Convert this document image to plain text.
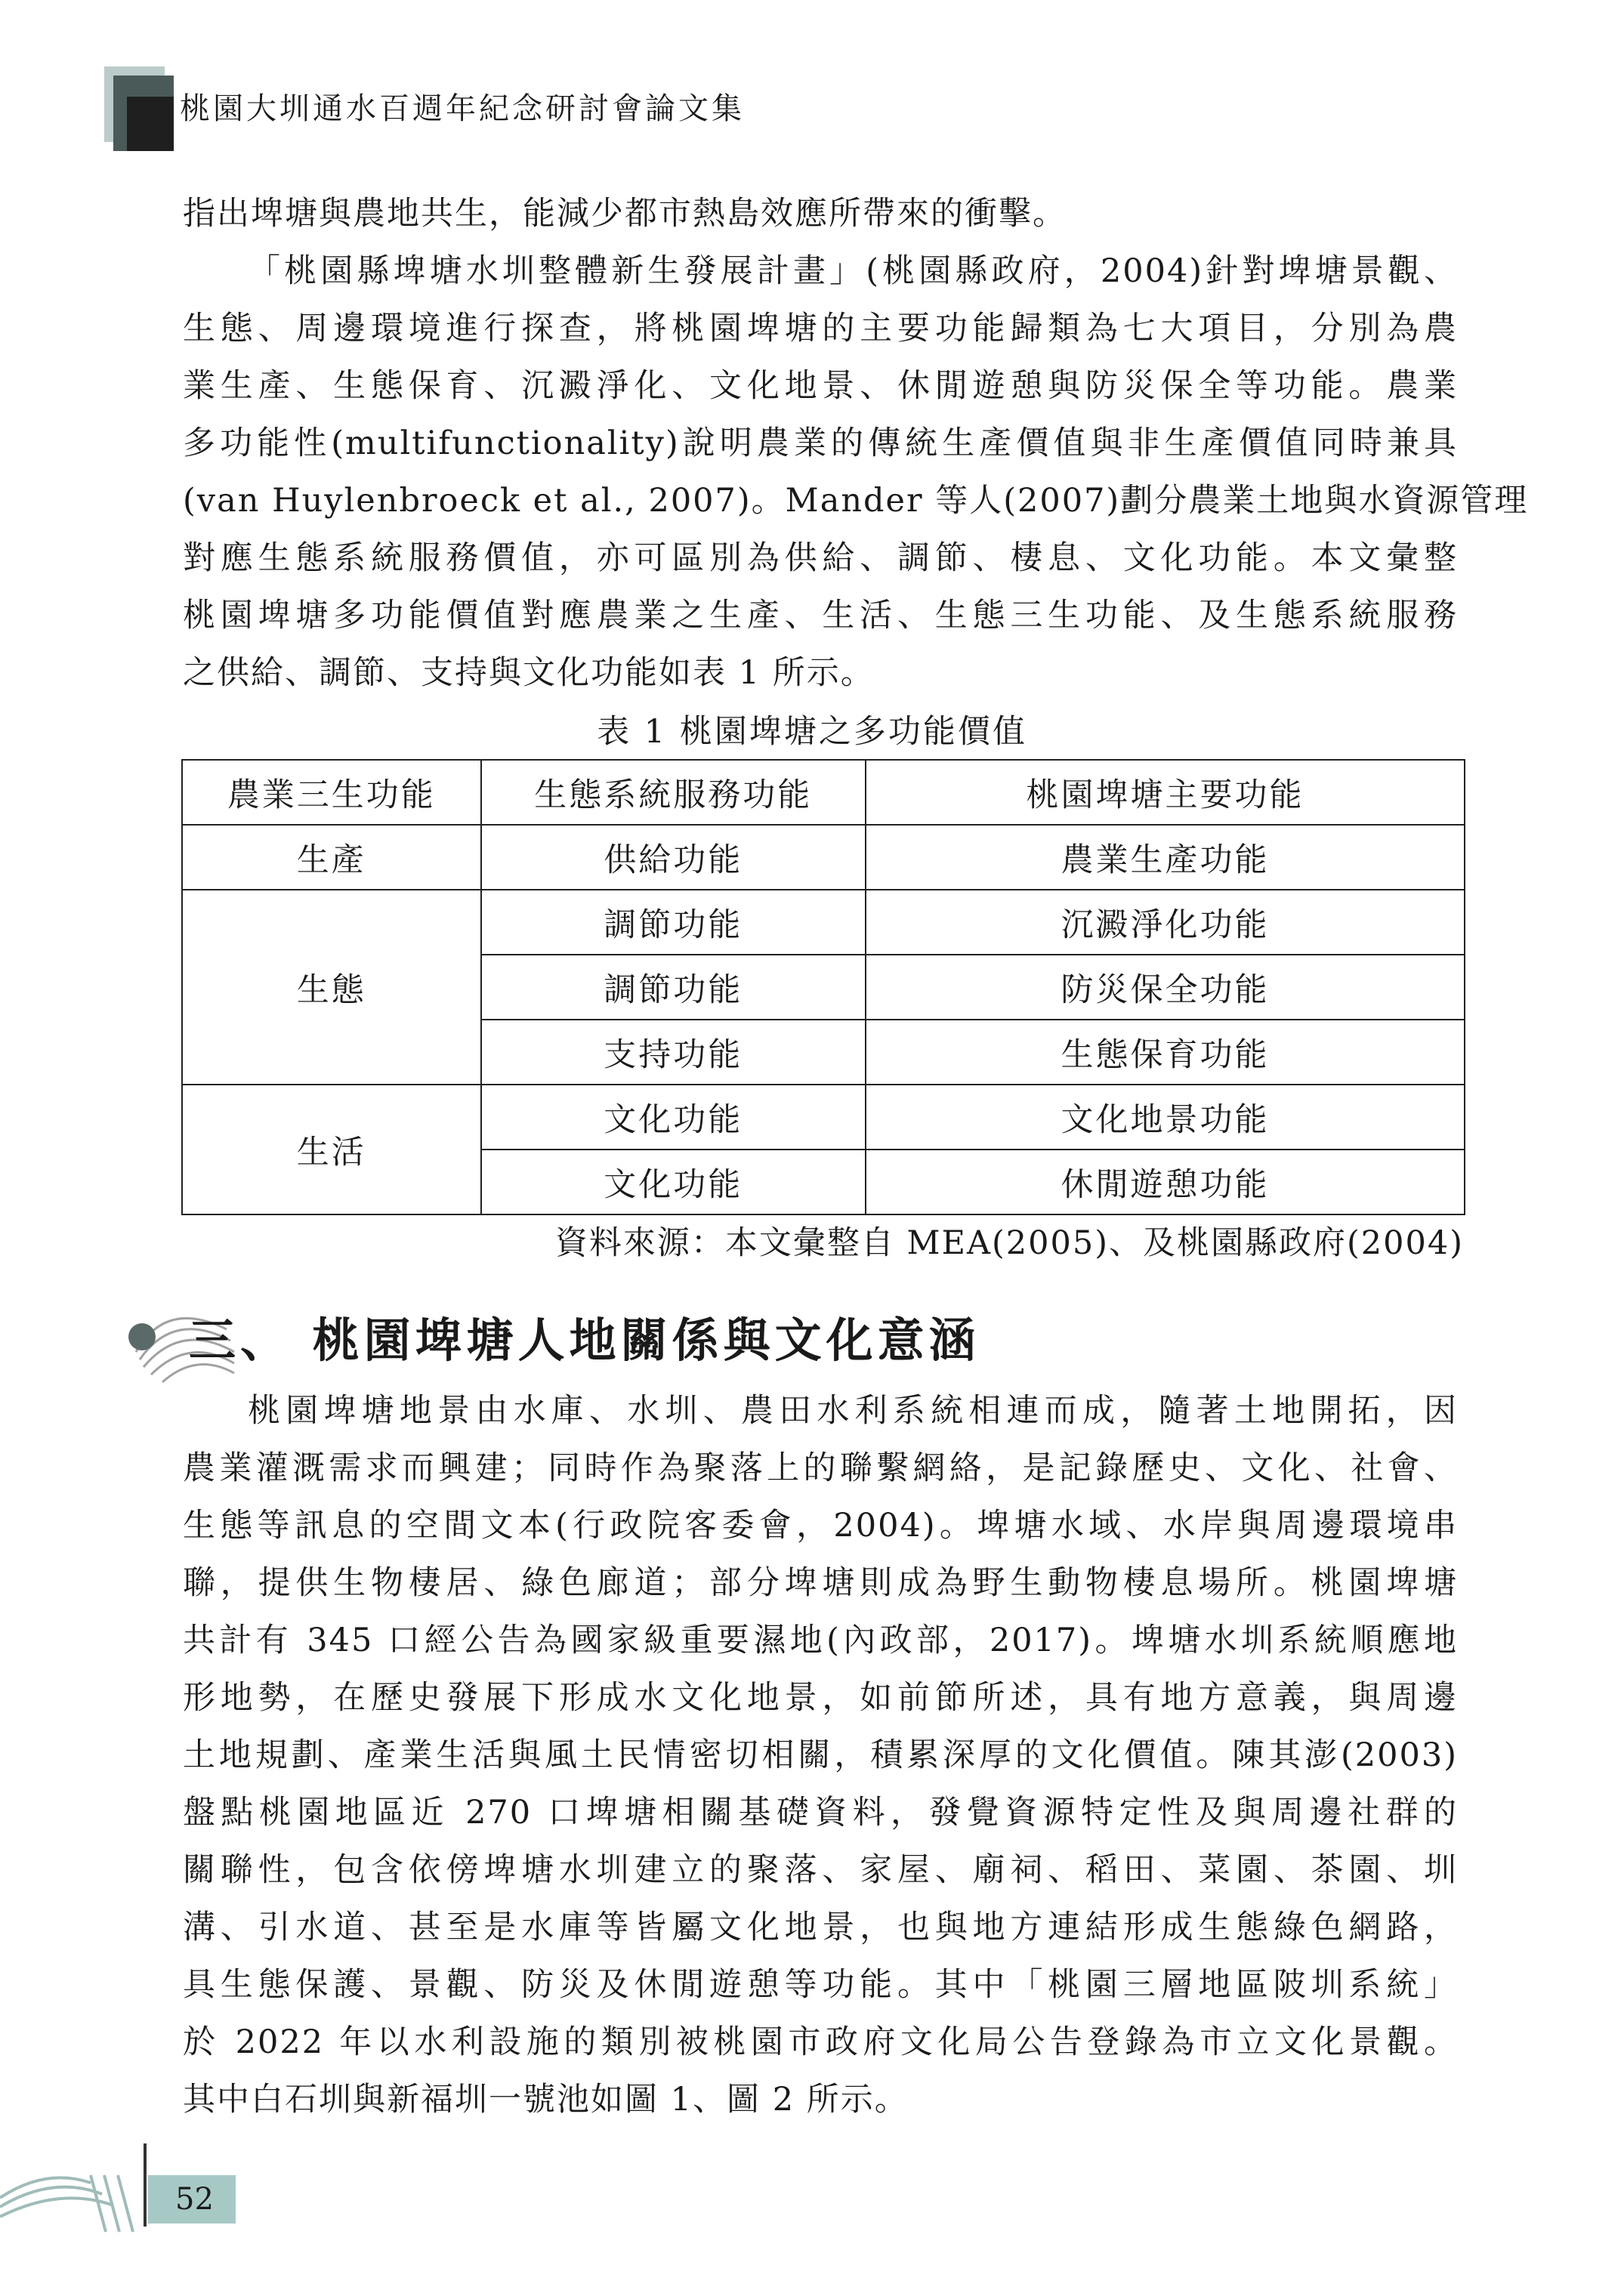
桃園大圳通水百週年紀念研討會論文集

指出埤塘與農地共生，能減少都市熱島效應所帶來的衝擊。
「桃園縣埤塘水圳整體新生發展計畫」(桃園縣政府，2004)針對埤塘景觀、
生態、周邊環境進行探查，將桃園埤塘的主要功能歸類為七大項目，分別為農
業生產、生態保育、沉澱淨化、文化地景、休閒遊憩與防災保全等功能。農業
多功能性(multifunctionality)說明農業的傳統生產價值與非生產價值同時兼具
(van Huylenbroeck et al., 2007)。Mander 等人(2007)劃分農業土地與水資源管理
對應生態系統服務價值，亦可區別為供給、調節、棲息、文化功能。本文彙整
桃園埤塘多功能價值對應農業之生產、生活、生態三生功能、及生態系統服務
之供給、調節、支持與文化功能如表 1 所示。

表 1 桃園埤塘之多功能價值
農業三生功能	生態系統服務功能	桃園埤塘主要功能
生產	供給功能	農業生產功能
生態	調節功能	沉澱淨化功能
	調節功能	防災保全功能
	支持功能	生態保育功能
生活	文化功能	文化地景功能
	文化功能	休閒遊憩功能
資料來源：本文彙整自 MEA(2005)、及桃園縣政府(2004)
三、 桃園埤塘人地關係與文化意涵

桃園埤塘地景由水庫、水圳、農田水利系統相連而成，隨著土地開拓，因
農業灌溉需求而興建；同時作為聚落上的聯繫網絡，是記錄歷史、文化、社會、
生態等訊息的空間文本(行政院客委會，2004)。埤塘水域、水岸與周邊環境串
聯，提供生物棲居、綠色廊道；部分埤塘則成為野生動物棲息場所。桃園埤塘
共計有 345 口經公告為國家級重要濕地(內政部，2017)。埤塘水圳系統順應地
形地勢，在歷史發展下形成水文化地景，如前節所述，具有地方意義，與周邊
土地規劃、產業生活與風土民情密切相關，積累深厚的文化價值。陳其澎(2003)
盤點桃園地區近 270 口埤塘相關基礎資料，發覺資源特定性及與周邊社群的
關聯性，包含依傍埤塘水圳建立的聚落、家屋、廟祠、稻田、菜園、茶園、圳
溝、引水道、甚至是水庫等皆屬文化地景，也與地方連結形成生態綠色網路，
具生態保護、景觀、防災及休閒遊憩等功能。其中「桃園三層地區陂圳系統」
於 2022 年以水利設施的類別被桃園市政府文化局公告登錄為市立文化景觀。
其中白石圳與新福圳一號池如圖 1、圖 2 所示。

52
